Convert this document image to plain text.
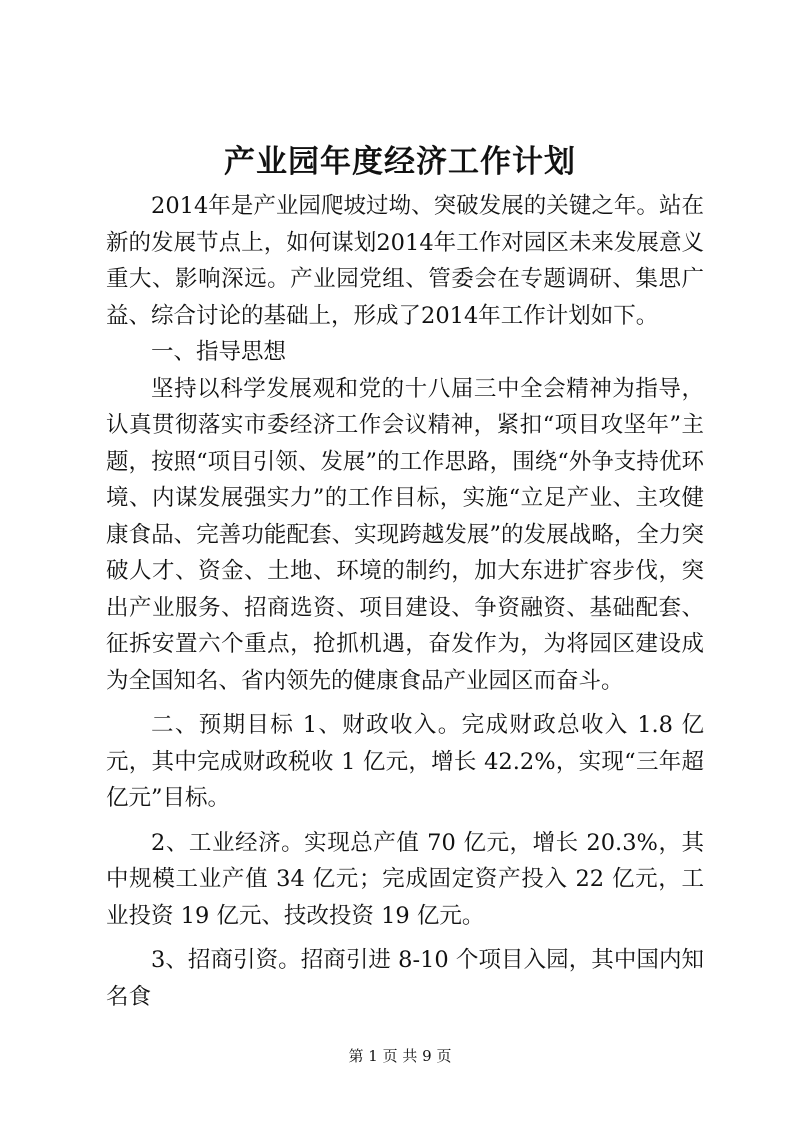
产业园年度经济工作计划

2014年是产业园爬坡过坳、突破发展的关键之年。站在新的发展节点上，如何谋划2014年工作对园区未来发展意义重大、影响深远。产业园党组、管委会在专题调研、集思广益、综合讨论的基础上，形成了2014年工作计划如下。

一、指导思想

坚持以科学发展观和党的十八届三中全会精神为指导，认真贯彻落实市委经济工作会议精神，紧扣“项目攻坚年”主题，按照“项目引领、发展”的工作思路，围绕“外争支持优环境、内谋发展强实力”的工作目标，实施“立足产业、主攻健康食品、完善功能配套、实现跨越发展”的发展战略，全力突破人才、资金、土地、环境的制约，加大东进扩容步伐，突出产业服务、招商选资、项目建设、争资融资、基础配套、征拆安置六个重点，抢抓机遇，奋发作为，为将园区建设成为全国知名、省内领先的健康食品产业园区而奋斗。

二、预期目标 1、财政收入。完成财政总收入 1.8 亿元，其中完成财政税收 1 亿元，增长 42.2%，实现“三年超亿元”目标。

2、工业经济。实现总产值 70 亿元，增长 20.3%，其中规模工业产值 34 亿元；完成固定资产投入 22 亿元，工业投资 19 亿元、技改投资 19 亿元。

3、招商引资。招商引进 8-10 个项目入园，其中国内知名食

第 1 页 共 9 页
